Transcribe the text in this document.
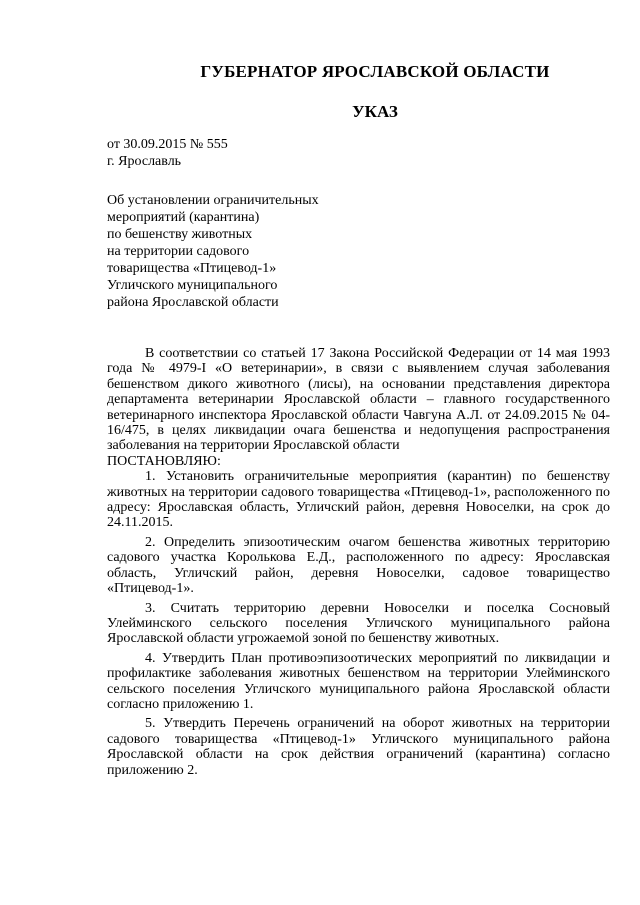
ГУБЕРНАТОР ЯРОСЛАВСКОЙ ОБЛАСТИ
УКАЗ
от 30.09.2015 № 555
г. Ярославль
Об установлении ограничительных
мероприятий (карантина)
по бешенству животных
на территории садового
товарищества «Птицевод-1»
Угличского муниципального
района Ярославской области

В соответствии со статьей 17 Закона Российской Федерации от 14 мая 1993 года № 4979-I «О ветеринарии», в связи с выявлением случая заболевания бешенством дикого животного (лисы), на основании представления директора департамента ветеринарии Ярославской области – главного государственного ветеринарного инспектора Ярославской области Чавгуна А.Л. от 24.09.2015 № 04-16/475, в целях ликвидации очага бешенства и недопущения распространения заболевания на территории Ярославской области

ПОСТАНОВЛЯЮ:

1. Установить ограничительные мероприятия (карантин) по бешенству животных на территории садового товарищества «Птицевод-1», расположенного по адресу: Ярославская область, Угличский район, деревня Новоселки, на срок до 24.11.2015.

2. Определить эпизоотическим очагом бешенства животных территорию садового участка Королькова Е.Д., расположенного по адресу: Ярославская область, Угличский район, деревня Новоселки, садовое товарищество «Птицевод-1».

3. Считать территорию деревни Новоселки и поселка Сосновый Улейминского сельского поселения Угличского муниципального района Ярославской области угрожаемой зоной по бешенству животных.

4. Утвердить План противоэпизоотических мероприятий по ликвидации и профилактике заболевания животных бешенством на территории Улейминского сельского поселения Угличского муниципального района Ярославской области согласно приложению 1.

5. Утвердить Перечень ограничений на оборот животных на территории садового товарищества «Птицевод-1» Угличского муниципального района Ярославской области на срок действия ограничений (карантина) согласно приложению 2.
